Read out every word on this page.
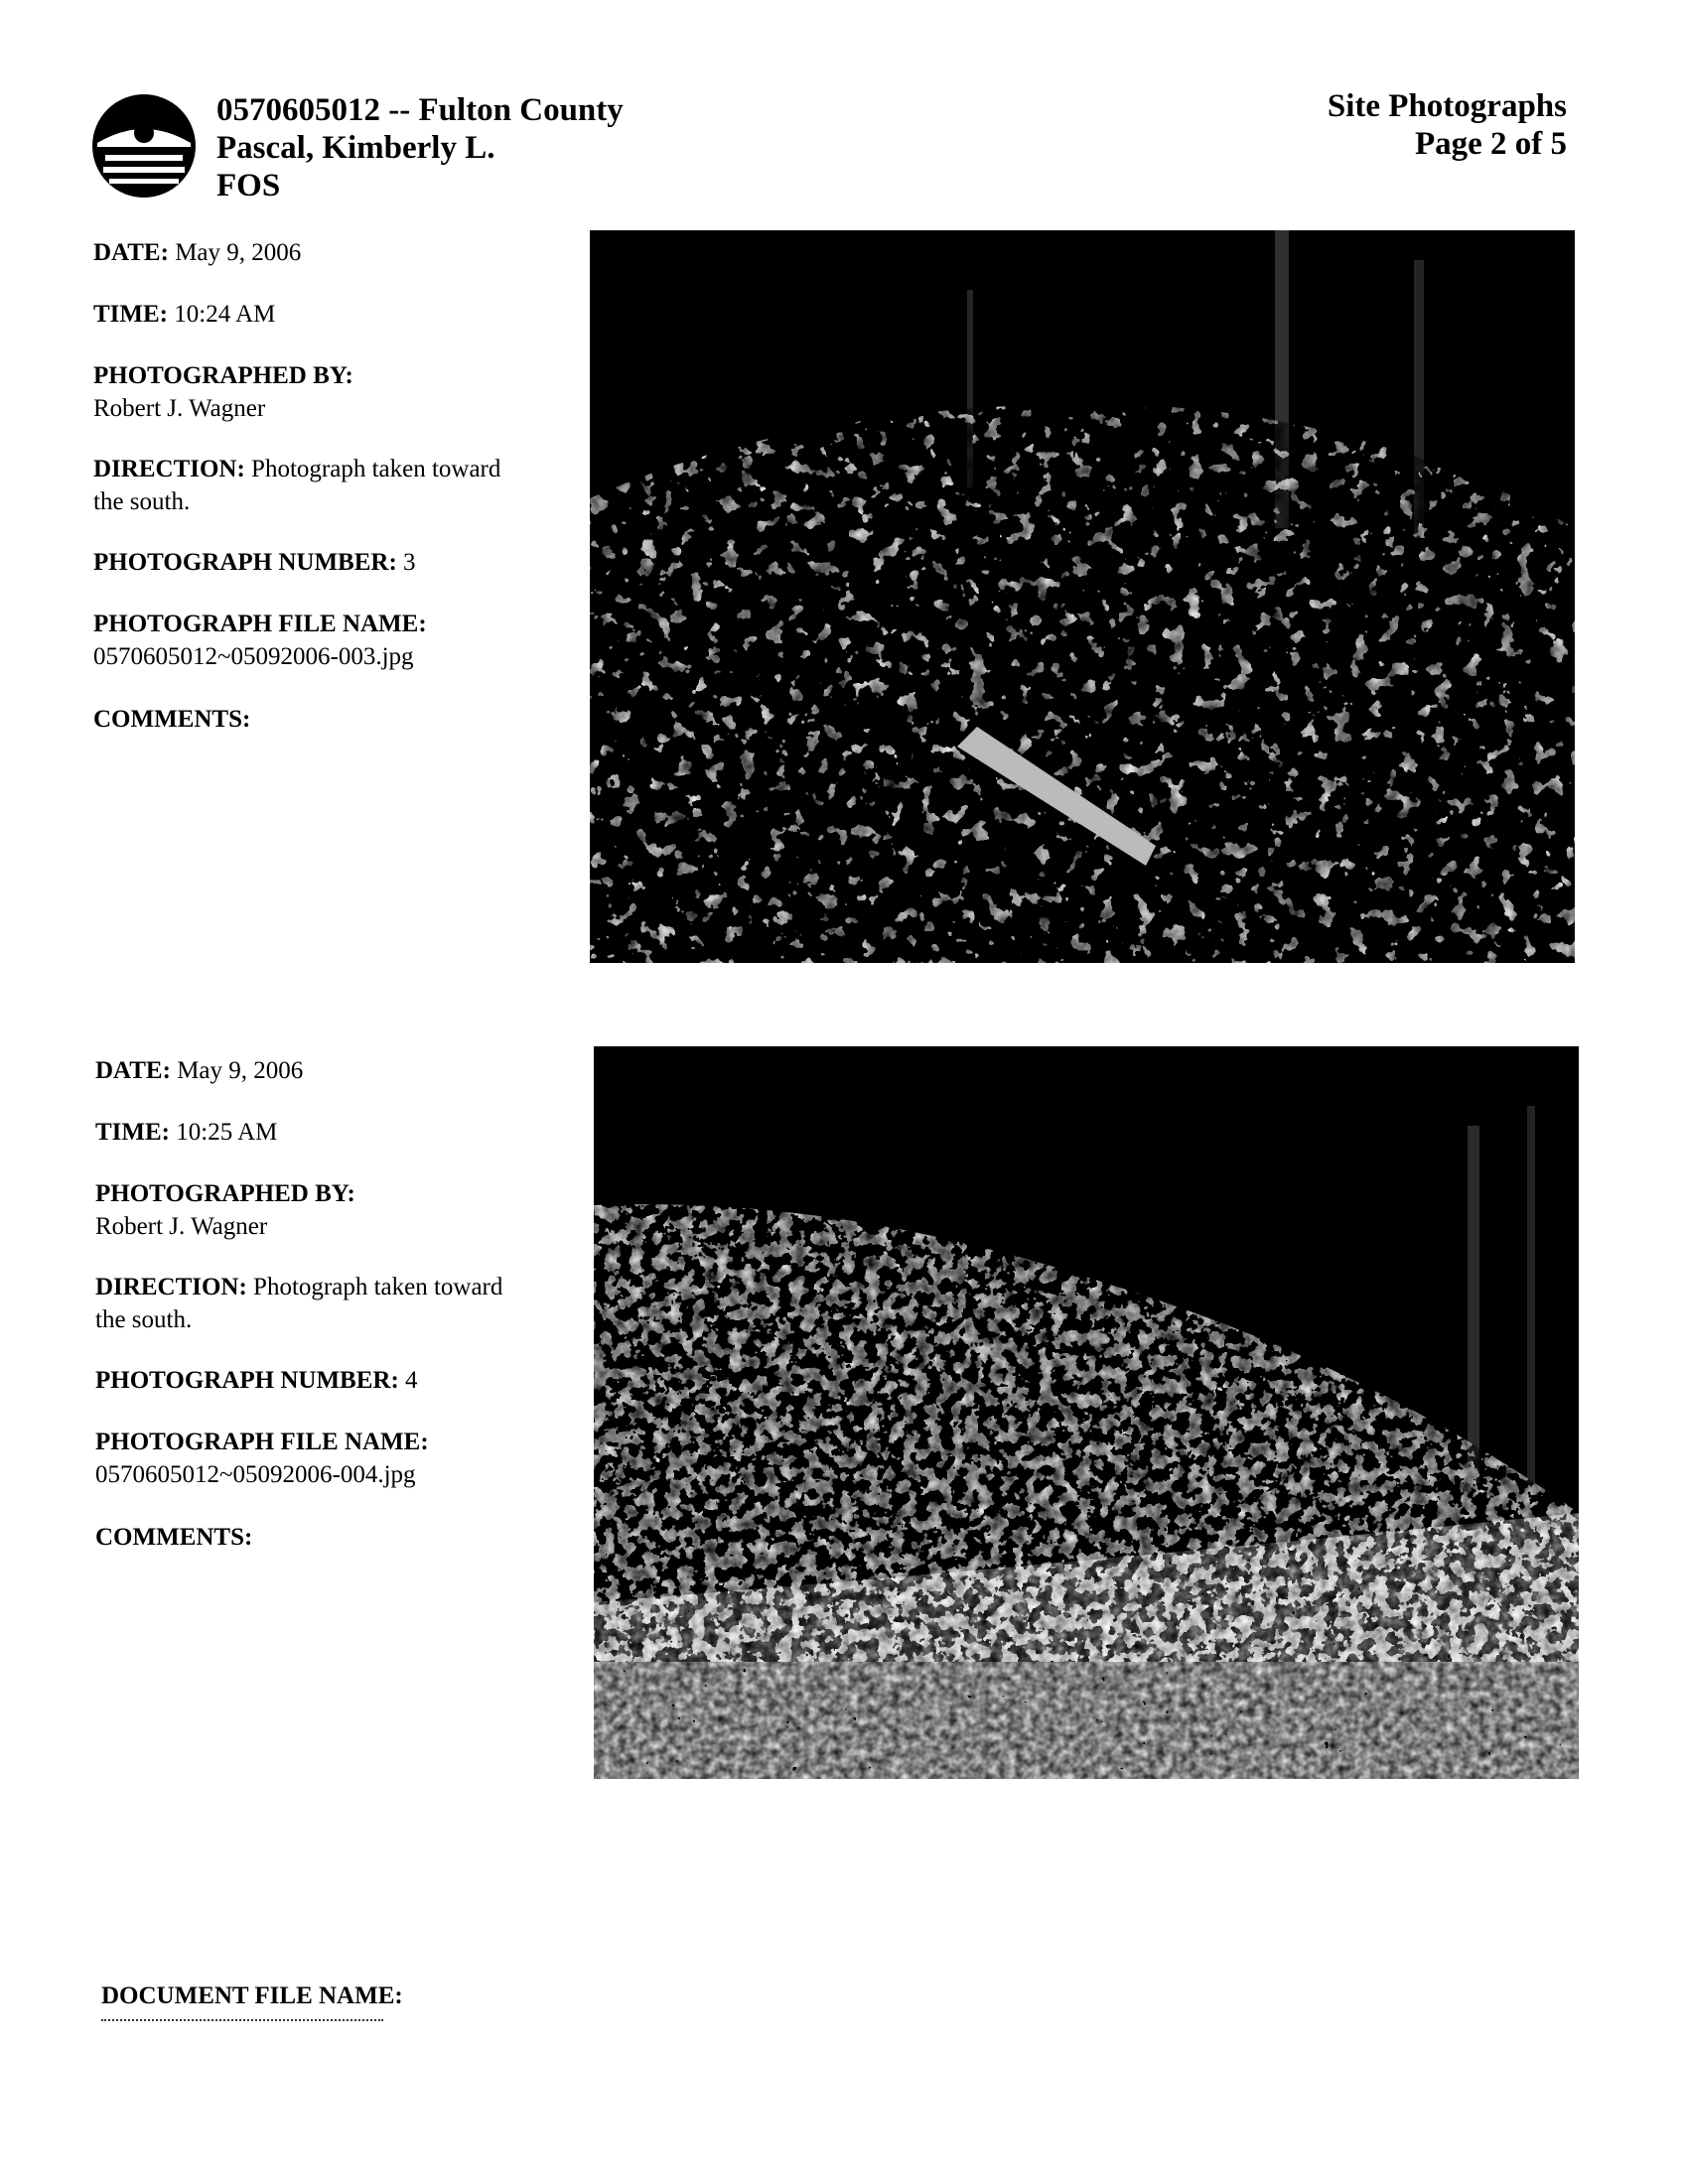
0570605012 -- Fulton County

Pascal, Kimberly L.

FOS

Site Photographs

Page 2 of 5

DATE: May 9, 2006
TIME: 10:24 AM
PHOTOGRAPHED BY:
Robert J. Wagner
DIRECTION: Photograph taken toward
the south.
PHOTOGRAPH NUMBER: 3
PHOTOGRAPH FILE NAME:
0570605012~05092006-003.jpg
COMMENTS:
DATE: May 9, 2006
TIME: 10:25 AM
PHOTOGRAPHED BY:
Robert J. Wagner
DIRECTION: Photograph taken toward
the south.
PHOTOGRAPH NUMBER: 4
PHOTOGRAPH FILE NAME:
0570605012~05092006-004.jpg
COMMENTS:
DOCUMENT FILE NAME:
